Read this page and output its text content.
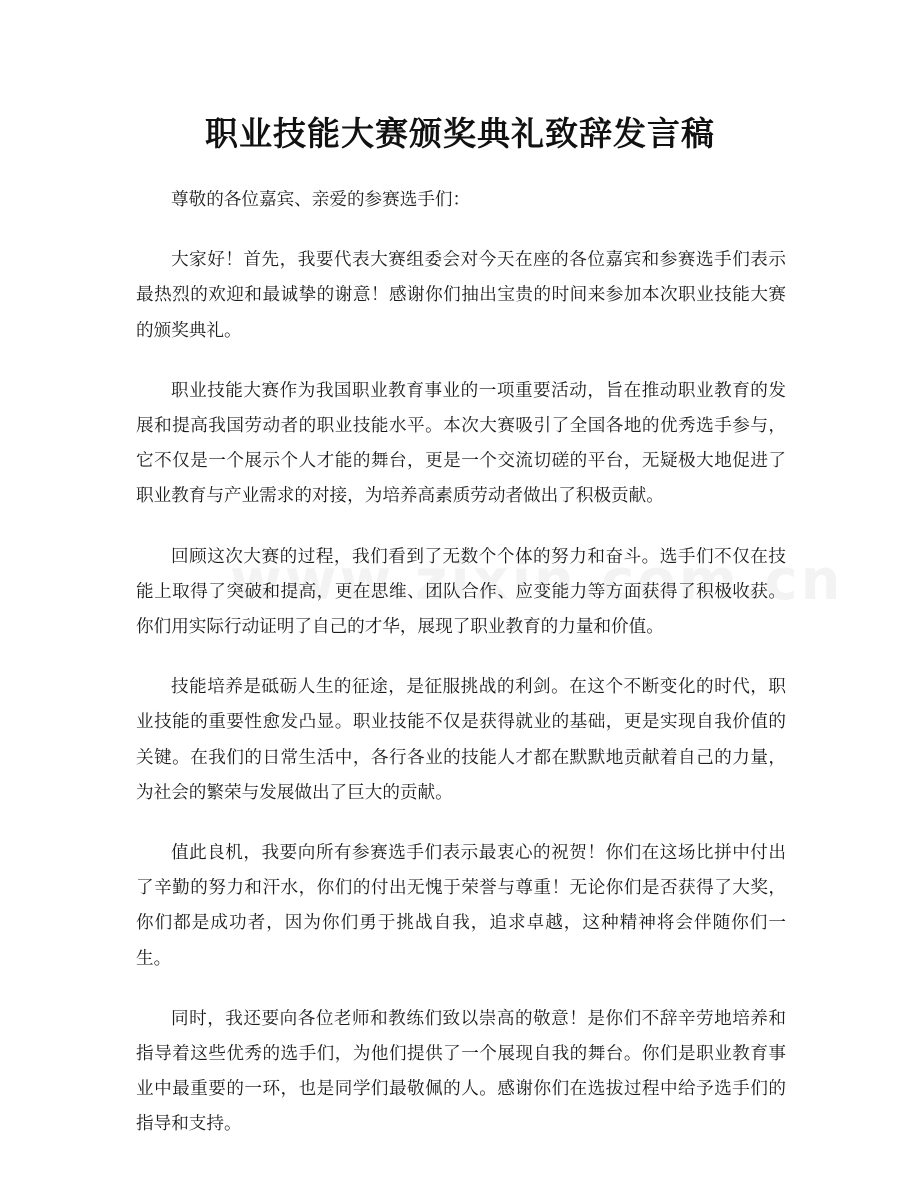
职业技能大赛颁奖典礼致辞发言稿

尊敬的各位嘉宾、亲爱的参赛选手们：

大家好！首先，我要代表大赛组委会对今天在座的各位嘉宾和参赛选手们表示最热烈的欢迎和最诚挚的谢意！感谢你们抽出宝贵的时间来参加本次职业技能大赛的颁奖典礼。

职业技能大赛作为我国职业教育事业的一项重要活动，旨在推动职业教育的发展和提高我国劳动者的职业技能水平。本次大赛吸引了全国各地的优秀选手参与，它不仅是一个展示个人才能的舞台，更是一个交流切磋的平台，无疑极大地促进了职业教育与产业需求的对接，为培养高素质劳动者做出了积极贡献。

回顾这次大赛的过程，我们看到了无数个个体的努力和奋斗。选手们不仅在技能上取得了突破和提高，更在思维、团队合作、应变能力等方面获得了积极收获。你们用实际行动证明了自己的才华，展现了职业教育的力量和价值。

技能培养是砥砺人生的征途，是征服挑战的利剑。在这个不断变化的时代，职业技能的重要性愈发凸显。职业技能不仅是获得就业的基础，更是实现自我价值的关键。在我们的日常生活中，各行各业的技能人才都在默默地贡献着自己的力量，为社会的繁荣与发展做出了巨大的贡献。

值此良机，我要向所有参赛选手们表示最衷心的祝贺！你们在这场比拼中付出了辛勤的努力和汗水，你们的付出无愧于荣誉与尊重！无论你们是否获得了大奖，你们都是成功者，因为你们勇于挑战自我，追求卓越，这种精神将会伴随你们一生。

同时，我还要向各位老师和教练们致以崇高的敬意！是你们不辞辛劳地培养和指导着这些优秀的选手们，为他们提供了一个展现自我的舞台。你们是职业教育事业中最重要的一环，也是同学们最敬佩的人。感谢你们在选拔过程中给予选手们的指导和支持。
